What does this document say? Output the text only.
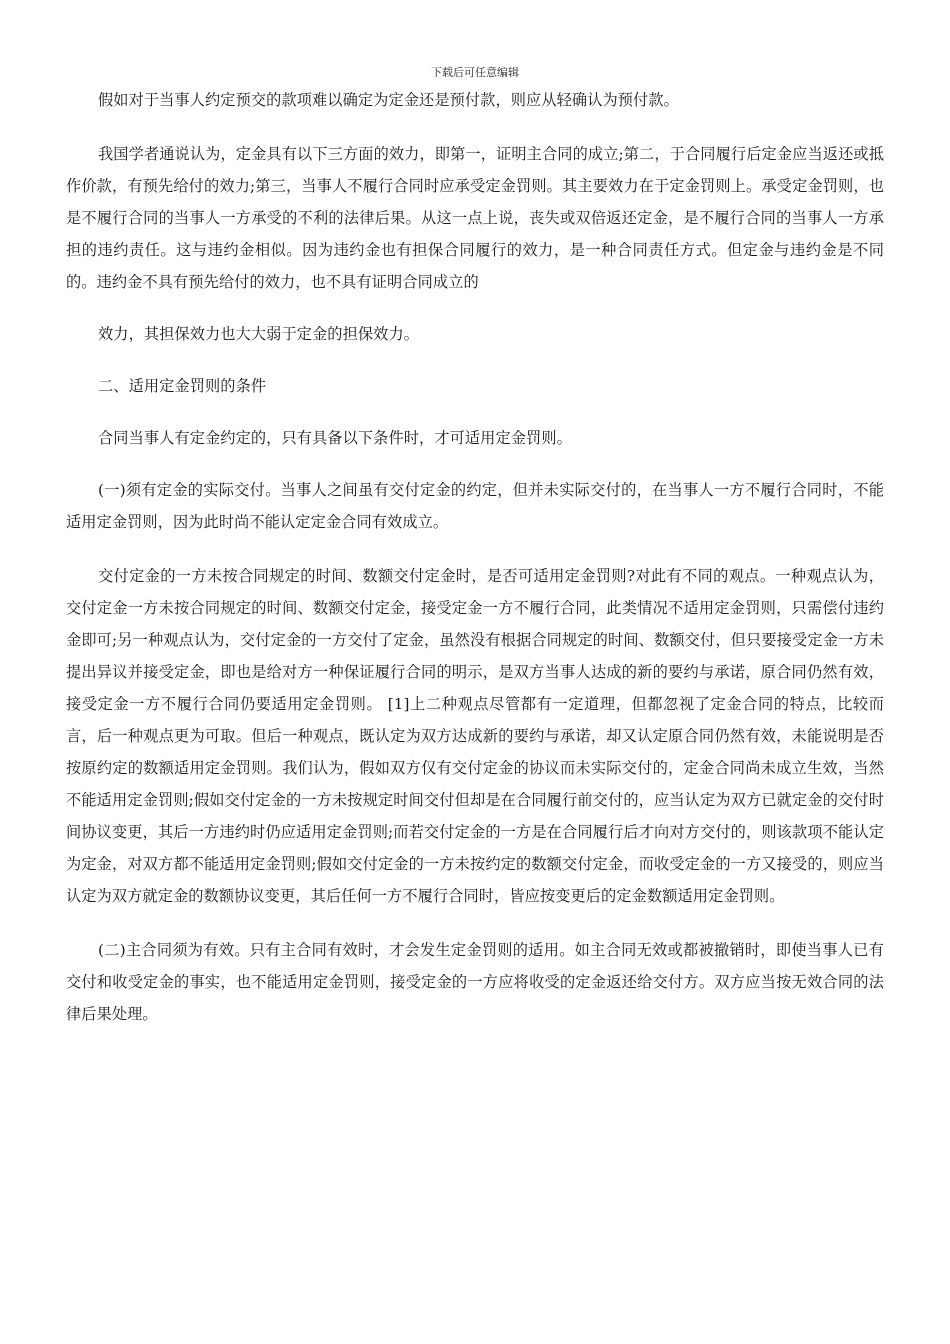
下载后可任意编辑

假如对于当事人约定预交的款项难以确定为定金还是预付款，则应从轻确认为预付款。

我国学者通说认为，定金具有以下三方面的效力，即第一，证明主合同的成立;第二，于合同履行后定金应当返还或抵作价款，有预先给付的效力;第三，当事人不履行合同时应承受定金罚则。其主要效力在于定金罚则上。承受定金罚则，也是不履行合同的当事人一方承受的不利的法律后果。从这一点上说，丧失或双倍返还定金，是不履行合同的当事人一方承担的违约责任。这与违约金相似。因为违约金也有担保合同履行的效力，是一种合同责任方式。但定金与违约金是不同的。违约金不具有预先给付的效力，也不具有证明合同成立的

效力，其担保效力也大大弱于定金的担保效力。

二、适用定金罚则的条件

合同当事人有定金约定的，只有具备以下条件时，才可适用定金罚则。

(一)须有定金的实际交付。当事人之间虽有交付定金的约定，但并未实际交付的，在当事人一方不履行合同时，不能适用定金罚则，因为此时尚不能认定定金合同有效成立。

交付定金的一方未按合同规定的时间、数额交付定金时，是否可适用定金罚则?对此有不同的观点。一种观点认为，交付定金一方未按合同规定的时间、数额交付定金，接受定金一方不履行合同，此类情况不适用定金罚则，只需偿付违约金即可;另一种观点认为，交付定金的一方交付了定金，虽然没有根据合同规定的时间、数额交付，但只要接受定金一方未提出异议并接受定金，即也是给对方一种保证履行合同的明示，是双方当事人达成的新的要约与承诺，原合同仍然有效，接受定金一方不履行合同仍要适用定金罚则。 [1]上二种观点尽管都有一定道理，但都忽视了定金合同的特点，比较而言，后一种观点更为可取。但后一种观点，既认定为双方达成新的要约与承诺，却又认定原合同仍然有效，未能说明是否按原约定的数额适用定金罚则。我们认为，假如双方仅有交付定金的协议而未实际交付的，定金合同尚未成立生效，当然不能适用定金罚则;假如交付定金的一方未按规定时间交付但却是在合同履行前交付的，应当认定为双方已就定金的交付时间协议变更，其后一方违约时仍应适用定金罚则;而若交付定金的一方是在合同履行后才向对方交付的，则该款项不能认定为定金，对双方都不能适用定金罚则;假如交付定金的一方未按约定的数额交付定金，而收受定金的一方又接受的，则应当认定为双方就定金的数额协议变更，其后任何一方不履行合同时，皆应按变更后的定金数额适用定金罚则。

(二)主合同须为有效。只有主合同有效时，才会发生定金罚则的适用。如主合同无效或都被撤销时，即使当事人已有交付和收受定金的事实，也不能适用定金罚则，接受定金的一方应将收受的定金返还给交付方。双方应当按无效合同的法律后果处理。
